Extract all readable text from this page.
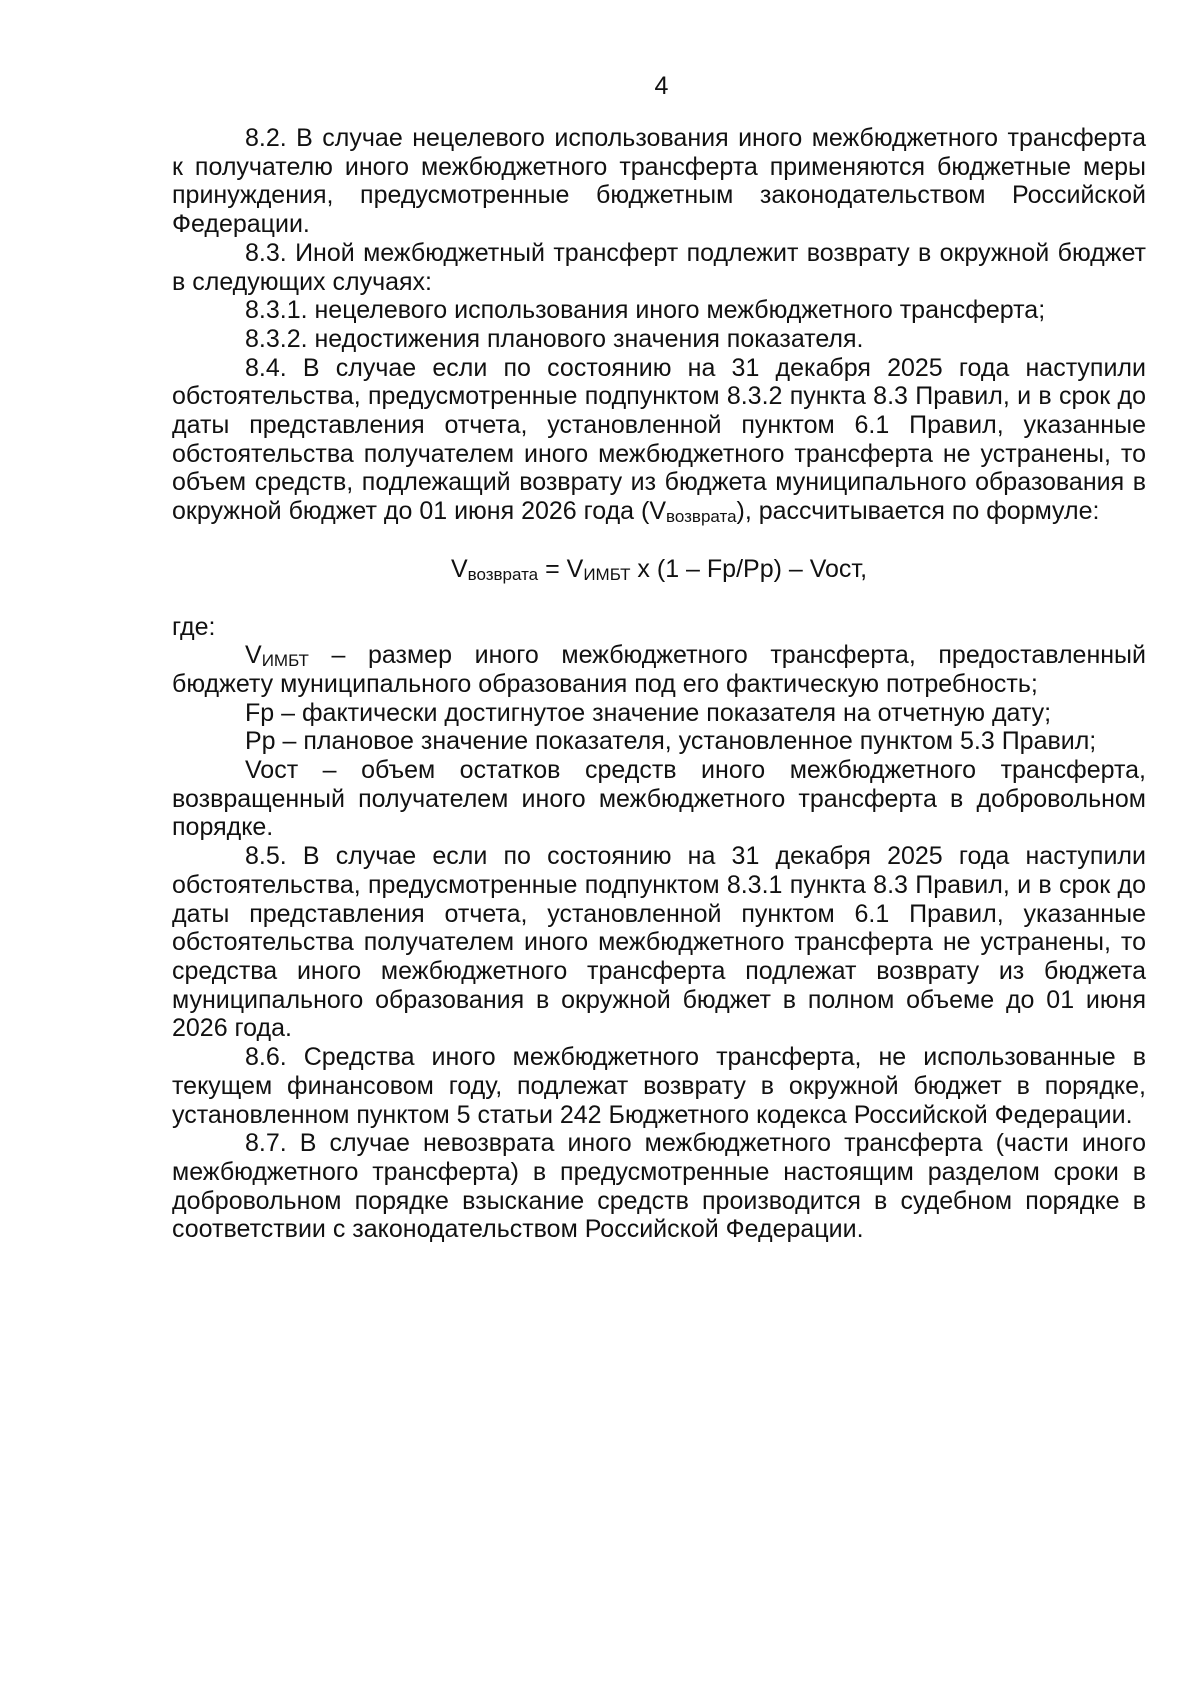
4

8.2. В случае нецелевого использования иного межбюджетного трансферта к получателю иного межбюджетного трансферта применяются бюджетные меры принуждения, предусмотренные бюджетным законодательством Российской Федерации.

8.3. Иной межбюджетный трансферт подлежит возврату в окружной бюджет в следующих случаях:

8.3.1. нецелевого использования иного межбюджетного трансферта;

8.3.2. недостижения планового значения показателя.

8.4. В случае если по состоянию на 31 декабря 2025 года наступили обстоятельства, предусмотренные подпунктом 8.3.2 пункта 8.3 Правил, и в срок до даты представления отчета, установленной пунктом 6.1 Правил, указанные обстоятельства получателем иного межбюджетного трансферта не устранены, то объем средств, подлежащий возврату из бюджета муниципального образования в окружной бюджет до 01 июня 2026 года (Vвозврата), рассчитывается по формуле:

Vвозврата = VИМБТ x (1 – Fp/Pp) – Voст,

где:

VИМБТ – размер иного межбюджетного трансферта, предоставленный бюджету муниципального образования под его фактическую потребность;

Fp – фактически достигнутое значение показателя на отчетную дату;

Pp – плановое значение показателя, установленное пунктом 5.3 Правил;

Voст – объем остатков средств иного межбюджетного трансферта, возвращенный получателем иного межбюджетного трансферта в добровольном порядке.

8.5. В случае если по состоянию на 31 декабря 2025 года наступили обстоятельства, предусмотренные подпунктом 8.3.1 пункта 8.3 Правил, и в срок до даты представления отчета, установленной пунктом 6.1 Правил, указанные обстоятельства получателем иного межбюджетного трансферта не устранены, то средства иного межбюджетного трансферта подлежат возврату из бюджета муниципального образования в окружной бюджет в полном объеме до 01 июня 2026 года.

8.6. Средства иного межбюджетного трансферта, не использованные в текущем финансовом году, подлежат возврату в окружной бюджет в порядке, установленном пунктом 5 статьи 242 Бюджетного кодекса Российской Федерации.

8.7. В случае невозврата иного межбюджетного трансферта (части иного межбюджетного трансферта) в предусмотренные настоящим разделом сроки в добровольном порядке взыскание средств производится в судебном порядке в соответствии с законодательством Российской Федерации.
